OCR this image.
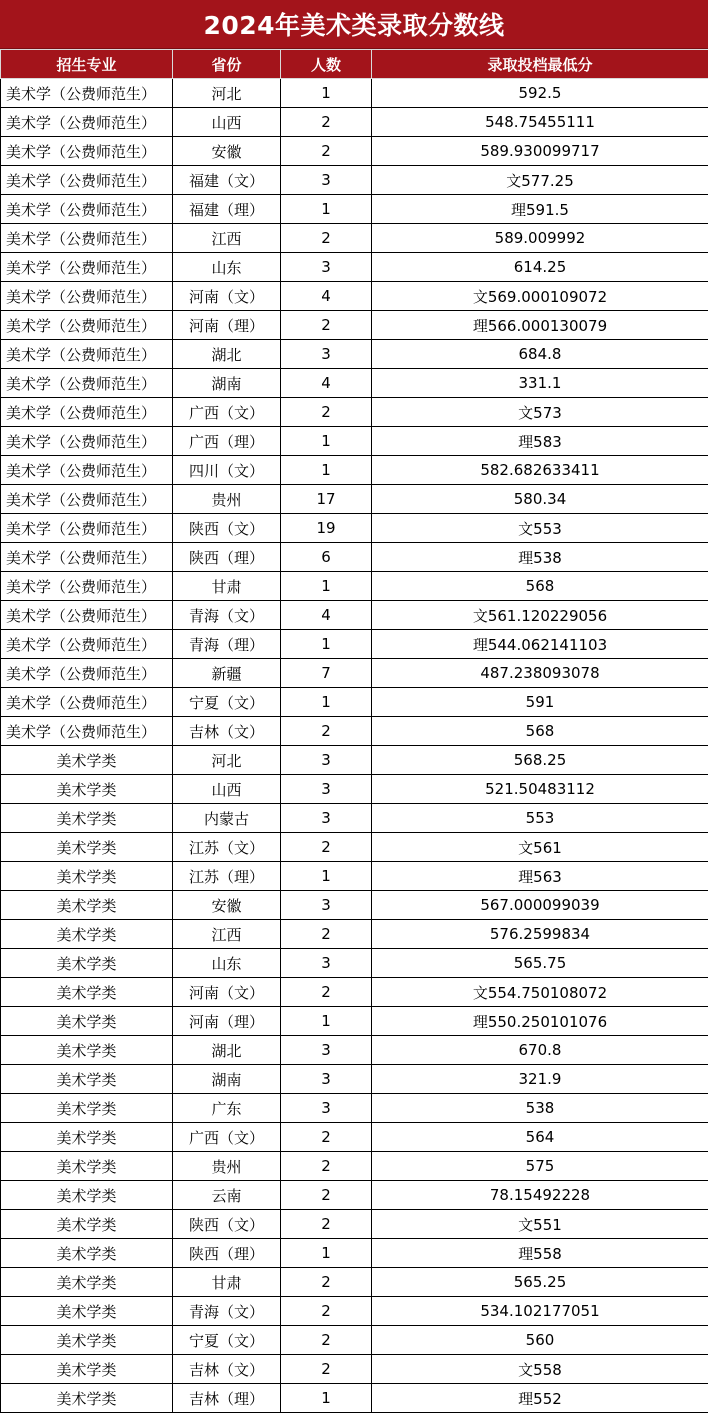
2024年美术类录取分数线
招生专业	省份	人数	录取投档最低分
美术学（公费师范生）	河北	1	592.5
美术学（公费师范生）	山西	2	548.75455111
美术学（公费师范生）	安徽	2	589.930099717
美术学（公费师范生）	福建（文）	3	文577.25
美术学（公费师范生）	福建（理）	1	理591.5
美术学（公费师范生）	江西	2	589.009992
美术学（公费师范生）	山东	3	614.25
美术学（公费师范生）	河南（文）	4	文569.000109072
美术学（公费师范生）	河南（理）	2	理566.000130079
美术学（公费师范生）	湖北	3	684.8
美术学（公费师范生）	湖南	4	331.1
美术学（公费师范生）	广西（文）	2	文573
美术学（公费师范生）	广西（理）	1	理583
美术学（公费师范生）	四川（文）	1	582.682633411
美术学（公费师范生）	贵州	17	580.34
美术学（公费师范生）	陕西（文）	19	文553
美术学（公费师范生）	陕西（理）	6	理538
美术学（公费师范生）	甘肃	1	568
美术学（公费师范生）	青海（文）	4	文561.120229056
美术学（公费师范生）	青海（理）	1	理544.062141103
美术学（公费师范生）	新疆	7	487.238093078
美术学（公费师范生）	宁夏（文）	1	591
美术学（公费师范生）	吉林（文）	2	568
美术学类	河北	3	568.25
美术学类	山西	3	521.50483112
美术学类	内蒙古	3	553
美术学类	江苏（文）	2	文561
美术学类	江苏（理）	1	理563
美术学类	安徽	3	567.000099039
美术学类	江西	2	576.2599834
美术学类	山东	3	565.75
美术学类	河南（文）	2	文554.750108072
美术学类	河南（理）	1	理550.250101076
美术学类	湖北	3	670.8
美术学类	湖南	3	321.9
美术学类	广东	3	538
美术学类	广西（文）	2	564
美术学类	贵州	2	575
美术学类	云南	2	78.15492228
美术学类	陕西（文）	2	文551
美术学类	陕西（理）	1	理558
美术学类	甘肃	2	565.25
美术学类	青海（文）	2	534.102177051
美术学类	宁夏（文）	2	560
美术学类	吉林（文）	2	文558
美术学类	吉林（理）	1	理552
